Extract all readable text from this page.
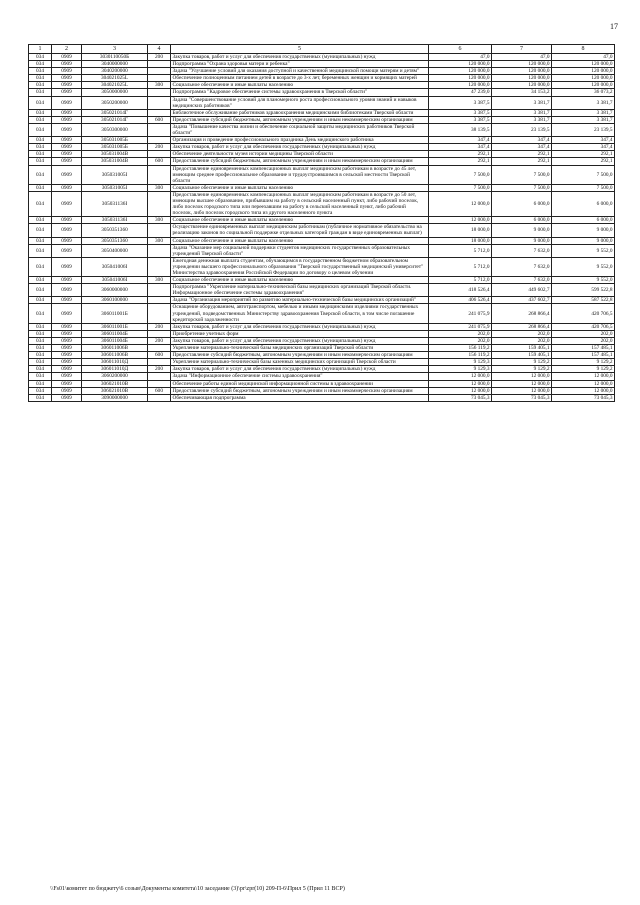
17
1	2	3	4	5	6	7	8
034	0909	3030110050Б	200	Закупка товаров, работ и услуг для обеспечения государственных (муниципальных) нужд	47,0	47,0	47,0
034	0909	3040000000		Подпрограмма "Охрана здоровья матери и ребенка"	120 000,0	120 000,0	120 000,0
034	0909	3040200000		Задача "Улучшение условий для оказания доступной и качественной медицинской помощи матерям и детям"	120 000,0	120 000,0	120 000,0
034	0909	304021025L		Обеспечение полноценным питанием детей в возрасте до 3-х лет, беременных женщин и кормящих матерей	120 000,0	120 000,0	120 000,0
034	0909	304021025L	300	Социальное обеспечение и иные выплаты населению	120 000,0	120 000,0	120 000,0
034	0909	3050000000		Подпрограмма "Кадровое обеспечение системы здравоохранения в Тверской области"	47 239,0	34 153,2	36 073,2
034	0909	3050200000		Задача "Совершенствование условий для планомерного роста профессионального уровня знаний и навыков медицинских работников"	3 387,5	3 381,7	3 381,7
034	0909	305021014Г		Библиотечное обслуживание работников здравоохранения медицинскими библиотеками Тверской области	3 387,5	3 381,7	3 381,7
034	0909	305021014Г	600	Предоставление субсидий бюджетным, автономным учреждениям и иным некоммерческим организациям	3 387,5	3 381,7	3 381,7
034	0909	3050300000		Задача "Повышение качества жизни и обеспечение социальной защиты медицинских работников Тверской области"	38 139,5	23 139,5	23 139,5
034	0909	305031005Б		Организация и проведение профессионального праздника День медицинского работника	347,4	347,4	347,4
034	0909	305031005Б	200	Закупка товаров, работ и услуг для обеспечения государственных (муниципальных) нужд	347,4	347,4	347,4
034	0909	305031004В		Обеспечение деятельности музея истории медицины Тверской области	292,1	292,1	292,1
034	0909	305031004В	600	Предоставление субсидий бюджетным, автономным учреждениям и иным некоммерческим организациям	292,1	292,1	292,1
034	0909	305031005I		Предоставление единовременных компенсационных выплат медицинским работникам в возрасте до 45 лет, имеющим среднее профессиональное образование и трудоустроившимся в сельской местности Тверской области	7 500,0	7 500,0	7 500,0
034	0909	305031005I	300	Социальное обеспечение и иные выплаты населению	7 500,0	7 500,0	7 500,0
034	0909	305031136I		Предоставление единовременных компенсационных выплат медицинским работникам в возрасте до 50 лет, имеющим высшее образование, прибывшим на работу в сельский населенный пункт, либо рабочий поселок, либо поселок городского типа или переехавшим на работу в сельский населенный пункт, либо рабочий поселок, либо поселок городского типа из другого населенного пункта	12 000,0	6 000,0	6 000,0
034	0909	305031136I	300	Социальное обеспечение и иные выплаты населению	12 000,0	6 000,0	6 000,0
034	0909	3050351360		Осуществление единовременных выплат медицинским работникам (публичное нормативное обязательство на реализацию законов по социальной поддержке отдельных категорий граждан в виде единовременных выплат)	18 000,0	9 000,0	9 000,0
034	0909	3050351360	300	Социальное обеспечение и иные выплаты населению	18 000,0	9 000,0	9 000,0
034	0909	3050400000		Задача "Оказание мер социальной поддержки студентов медицинских государственных образовательных учреждений Тверской области"	5 712,0	7 632,0	9 552,0
034	0909	305041006I		Ежегодная денежная выплата студентам, обучающимся в государственном бюджетном образовательном учреждении высшего профессионального образования "Тверской государственный медицинский университет" Министерства здравоохранения Российской Федерации по договору о целевом обучении	5 712,0	7 632,0	9 552,0
034	0909	305041006I	300	Социальное обеспечение и иные выплаты населению	5 712,0	7 632,0	9 552,0
034	0909	3060000000		Подпрограмма "Укрепление материально-технической базы медицинских организаций Тверской области. Информационное обеспечение системы здравоохранения"	418 526,4	449 602,7	599 522,8
034	0909	3060100000		Задача "Организация мероприятий по развитию материально-технической базы медицинских организаций"	406 526,4	437 602,7	587 522,8
034	0909	306011001Б		Оснащение оборудованием, автотранспортом, мебелью и иными медицинскими изделиями государственных учреждений, подведомственных Министерству здравоохранения Тверской области, в том числе погашение кредиторской задолженности	241 075,9	268 866,4	420 706,5
034	0909	306011001Б	200	Закупка товаров, работ и услуг для обеспечения государственных (муниципальных) нужд	241 075,9	268 866,4	420 706,5
034	0909	306011004Б		Приобретение учетных форм	202,0	202,0	202,0
034	0909	306011004Б	200	Закупка товаров, работ и услуг для обеспечения государственных (муниципальных) нужд	202,0	202,0	202,0
034	0909	306011006В		Укрепление материально-технической базы медицинских организаций Тверской области	156 119,2	159 405,1	157 485,1
034	0909	306011006В	600	Предоставление субсидий бюджетным, автономным учреждениям и иным некоммерческим организациям	156 119,2	159 405,1	157 485,1
034	0909	306011010Д		Укрепление материально-технической базы казенных медицинских организаций Тверской области	9 129,3	9 129,2	9 129,2
034	0909	306011010Д	200	Закупка товаров, работ и услуг для обеспечения государственных (муниципальных) нужд	9 129,3	9 129,2	9 129,2
034	0909	3060200000		Задача "Информационное обеспечение системы здравоохранения"	12 000,0	12 000,0	12 000,0
034	0909	306021010В		Обеспечение работы единой медицинской информационной системы в здравоохранении	12 000,0	12 000,0	12 000,0
034	0909	306021010В	600	Предоставление субсидий бюджетным, автономным учреждениям и иным некоммерческим организациям	12 000,0	12 000,0	12 000,0
034	0909	3090000000		Обеспечивающая подпрограмма	73 045,3	73 045,3	73 045,3
\\Fs01\комитет по бюджету\6 созыв\Документы комитета\10 заседание (3)\pr\zpr(10) 209-П-6\Прил 5 (Прил 11 ВСР)
